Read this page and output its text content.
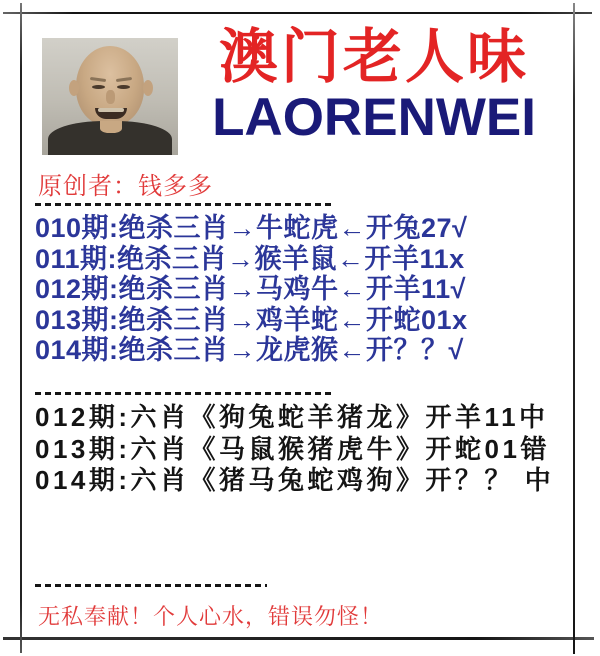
澳门老人味
LAORENWEI
原创者：钱多多
010期:绝杀三肖→牛蛇虎←开兔27√
011期:绝杀三肖→猴羊鼠←开羊11x
012期:绝杀三肖→马鸡牛←开羊11√
013期:绝杀三肖→鸡羊蛇←开蛇01x
014期:绝杀三肖→龙虎猴←开？？√
012期:六肖《狗兔蛇羊猪龙》开羊11中
013期:六肖《马鼠猴猪虎牛》开蛇01错
014期:六肖《猪马兔蛇鸡狗》开？？ 中
无私奉献！个人心水，错误勿怪！
